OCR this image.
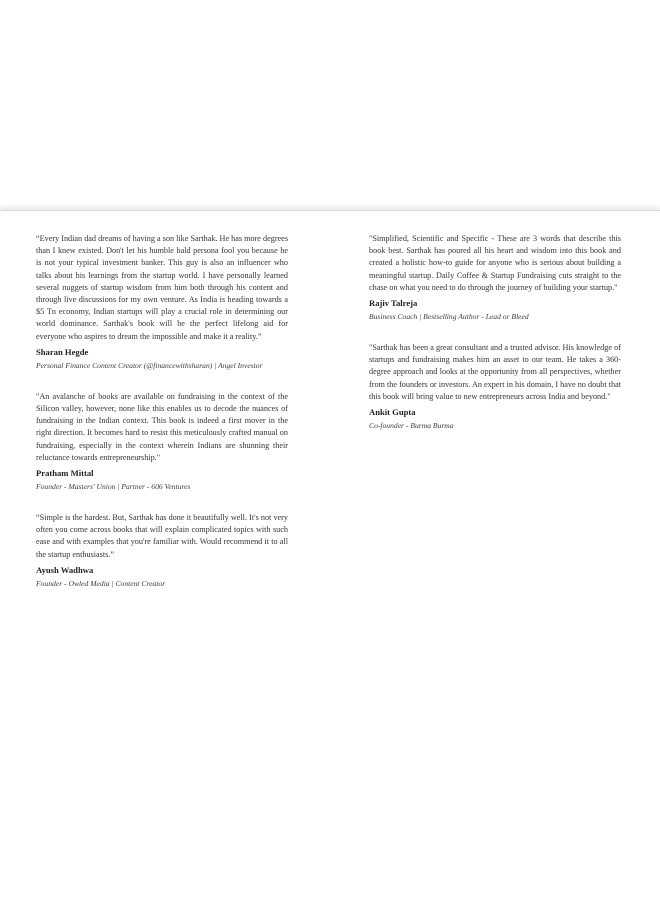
“Every Indian dad dreams of having a son like Sarthak. He has more degrees than I knew existed. Don't let his humble bald persona fool you because he is not your typical investment banker. This guy is also an influencer who talks about his learnings from the startup world. I have personally learned several nuggets of startup wisdom from him both through his content and through live discussions for my own venture. As India is heading towards a $5 Tn economy, Indian startups will play a crucial role in determining our world dominance. Sarthak's book will be the perfect lifelong aid for everyone who aspires to dream the impossible and make it a reality.”

Sharan Hegde

Personal Finance Content Creator (@financewithsharan) | Angel Investor

"An avalanche of books are available on fundraising in the context of the Silicon valley, however, none like this enables us to decode the nuances of fundraising in the Indian context. This book is indeed a first mover in the right direction. It becomes hard to resist this meticulously crafted manual on fundraising, especially in the context wherein Indians are shunning their reluctance towards entrepreneurship."

Pratham Mittal

Founder - Masters' Union | Partner - 606 Ventures

“Simple is the hardest. But, Sarthak has done it beautifully well. It's not very often you come across books that will explain complicated topics with such ease and with examples that you're familiar with. Would recommend it to all the startup enthusiasts.”

Ayush Wadhwa

Founder - Owled Media | Content Creator

"Simplified, Scientific and Specific - These are 3 words that describe this book best. Sarthak has poured all his heart and wisdom into this book and created a holistic how-to guide for anyone who is serious about building a meaningful startup. Daily Coffee & Startup Fundraising cuts straight to the chase on what you need to do through the journey of building your startup."

Rajiv Talreja

Business Coach | Bestselling Author - Lead or Bleed

"Sarthak has been a great consultant and a trusted advisor. His knowledge of startups and fundraising makes him an asset to our team. He takes a 360-degree approach and looks at the opportunity from all perspectives, whether from the founders or investors. An expert in his domain, I have no doubt that this book will bring value to new entrepreneurs across India and beyond."

Ankit Gupta

Co-founder - Burma Burma
